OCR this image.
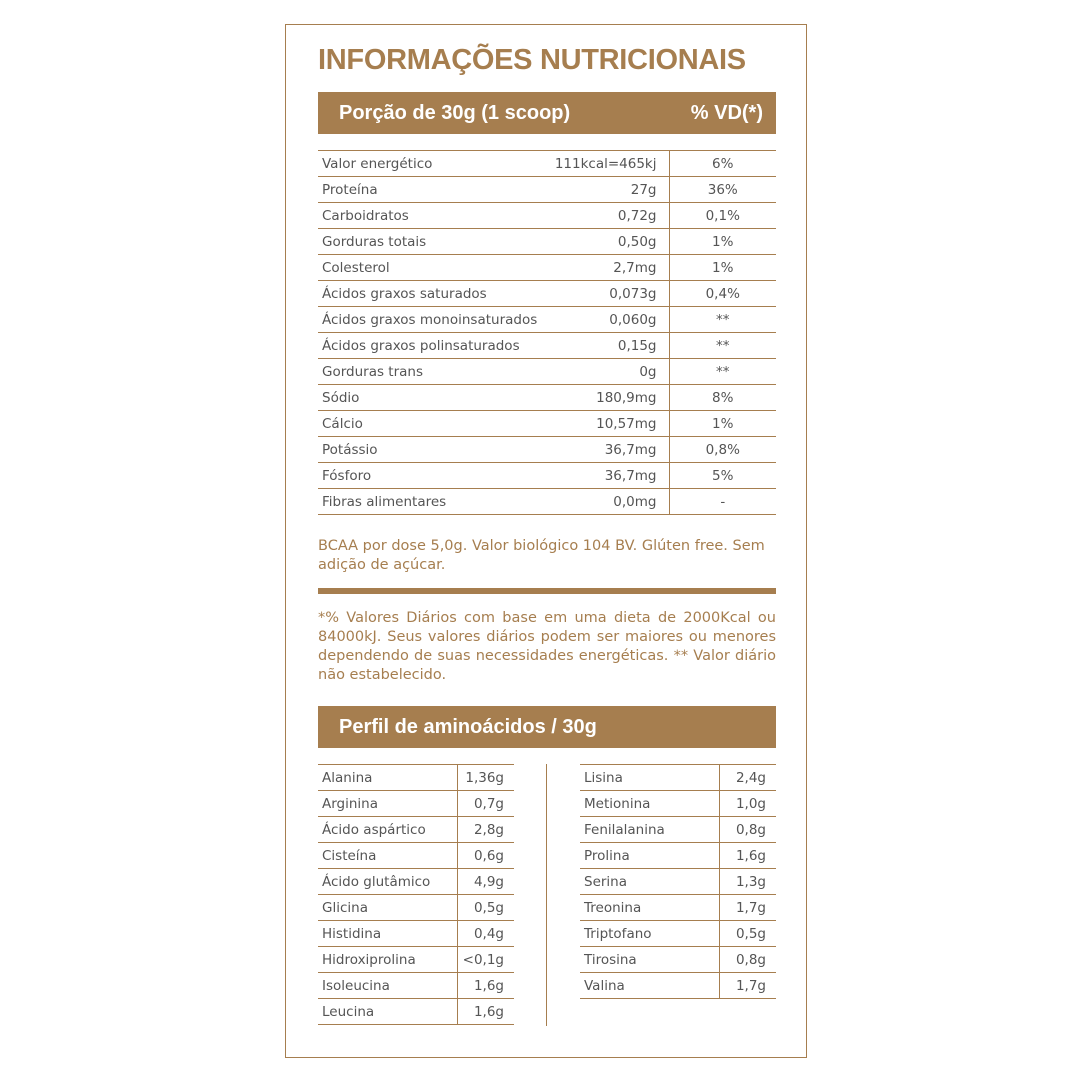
INFORMAÇÕES NUTRICIONAIS
Porção de 30g (1 scoop)	% VD(*)
Valor energético 111kcal=465kj	6%
Proteína 27g	36%
Carboidratos 0,72g	0,1%
Gorduras totais 0,50g	1%
Colesterol 2,7mg	1%
Ácidos graxos saturados 0,073g	0,4%
Ácidos graxos monoinsaturados 0,060g	**
Ácidos graxos polinsaturados 0,15g	**
Gorduras trans 0g	**
Sódio 180,9mg	8%
Cálcio 10,57mg	1%
Potássio 36,7mg	0,8%
Fósforo 36,7mg	5%
Fibras alimentares 0,0mg	-

BCAA por dose 5,0g. Valor biológico 104 BV. Glúten free. Sem adição de açúcar.

*% Valores Diários com base em uma dieta de 2000Kcal ou 84000kJ. Seus valores diários podem ser maiores ou menores dependendo de suas necessidades energéticas. ** Valor diário não estabelecido.

Perfil de aminoácidos / 30g
Alanina	1,36g
Arginina	0,7g
Ácido aspártico	2,8g
Cisteína	0,6g
Ácido glutâmico	4,9g
Glicina	0,5g
Histidina	0,4g
Hidroxiprolina	<0,1g
Isoleucina	1,6g
Leucina	1,6g
Lisina	2,4g
Metionina	1,0g
Fenilalanina	0,8g
Prolina	1,6g
Serina	1,3g
Treonina	1,7g
Triptofano	0,5g
Tirosina	0,8g
Valina	1,7g
